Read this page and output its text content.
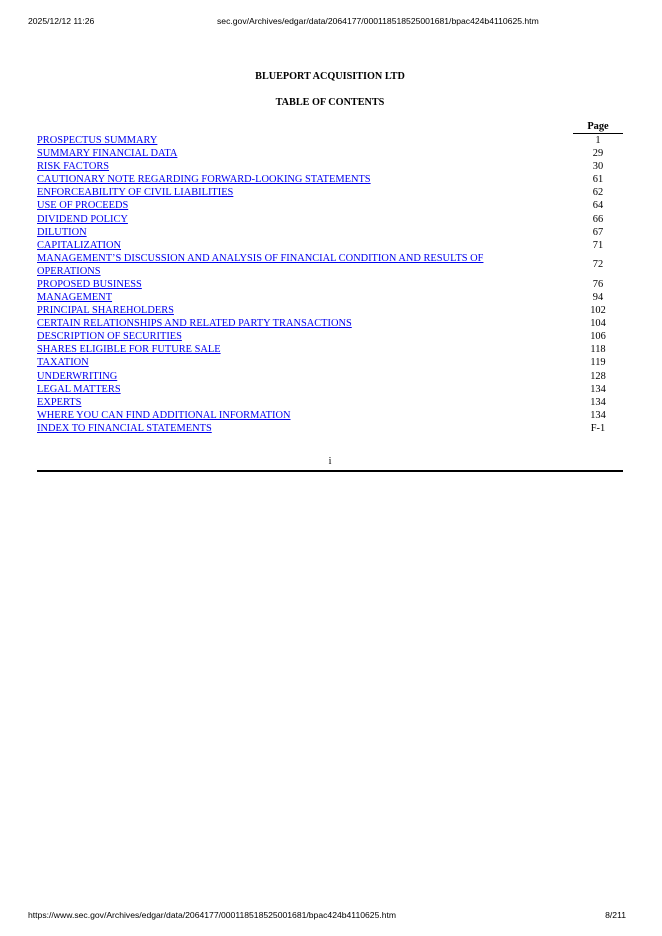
2025/12/12 11:26	sec.gov/Archives/edgar/data/2064177/000118518525001681/bpac424b4110625.htm
BLUEPORT ACQUISITION LTD
TABLE OF CONTENTS
	Page
PROSPECTUS SUMMARY	1
SUMMARY FINANCIAL DATA	29
RISK FACTORS	30
CAUTIONARY NOTE REGARDING FORWARD-LOOKING STATEMENTS	61
ENFORCEABILITY OF CIVIL LIABILITIES	62
USE OF PROCEEDS	64
DIVIDEND POLICY	66
DILUTION	67
CAPITALIZATION	71
MANAGEMENT’S DISCUSSION AND ANALYSIS OF FINANCIAL CONDITION AND RESULTS OF OPERATIONS	72
PROPOSED BUSINESS	76
MANAGEMENT	94
PRINCIPAL SHAREHOLDERS	102
CERTAIN RELATIONSHIPS AND RELATED PARTY TRANSACTIONS	104
DESCRIPTION OF SECURITIES	106
SHARES ELIGIBLE FOR FUTURE SALE	118
TAXATION	119
UNDERWRITING	128
LEGAL MATTERS	134
EXPERTS	134
WHERE YOU CAN FIND ADDITIONAL INFORMATION	134
INDEX TO FINANCIAL STATEMENTS	F-1
i
https://www.sec.gov/Archives/edgar/data/2064177/000118518525001681/bpac424b4110625.htm	8/211
